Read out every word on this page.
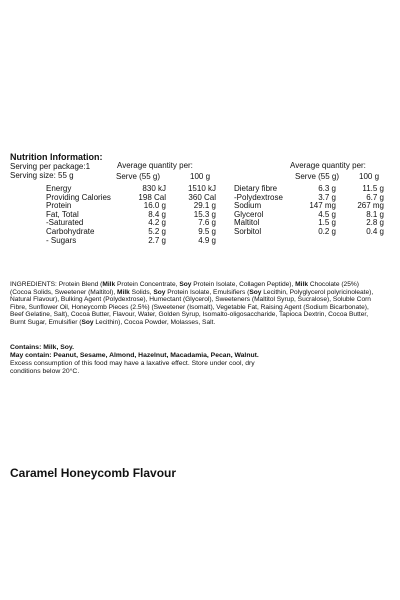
Nutrition Information:
Serving per package:1
Serving size: 55 g
Average quantity per:
Serve (55 g)	100 g
Average quantity per:
Serve (55 g) 100 g
Energy	830 kJ	1510 kJ
Providing Calories	198 Cal	360 Cal
Protein	16.0 g	29.1 g
Fat, Total	8.4 g	15.3 g
-Saturated	4.2 g	7.6 g
Carbohydrate	5.2 g	9.5 g
- Sugars	2.7 g	4.9 g
Dietary fibre	6.3 g	11.5 g
-Polydextrose	3.7 g	6.7 g
Sodium	147 mg	267 mg
Glycerol	4.5 g	8.1 g
Maltitol	1.5 g	2.8 g
Sorbitol	0.2 g	0.4 g
INGREDIENTS: Protein Blend (Milk Protein Concentrate, Soy Protein Isolate, Collagen Peptide), Milk Chocolate (25%) (Cocoa Solids, Sweetener (Maltitol), Milk Solids, Soy Protein Isolate, Emulsifiers (Soy Lecithin, Polyglycerol polyricinoleate), Natural Flavour), Bulking Agent (Polydextrose), Humectant (Glycerol), Sweeteners (Maltitol Syrup, Sucralose), Soluble Corn Fibre, Sunflower Oil, Honeycomb Pieces (2.5%) (Sweetener (Isomalt), Vegetable Fat, Raising Agent (Sodium Bicarbonate), Beef Gelatine, Salt), Cocoa Butter, Flavour, Water, Golden Syrup, Isomalto-oligosaccharide, Tapioca Dextrin, Cocoa Butter, Burnt Sugar, Emulsifier (Soy Lecithin), Cocoa Powder, Molasses, Salt.
Contains: Milk, Soy.
May contain: Peanut, Sesame, Almond, Hazelnut, Macadamia, Pecan, Walnut.
Excess consumption of this food may have a laxative effect. Store under cool, dry conditions below 20°C.
Caramel Honeycomb Flavour
